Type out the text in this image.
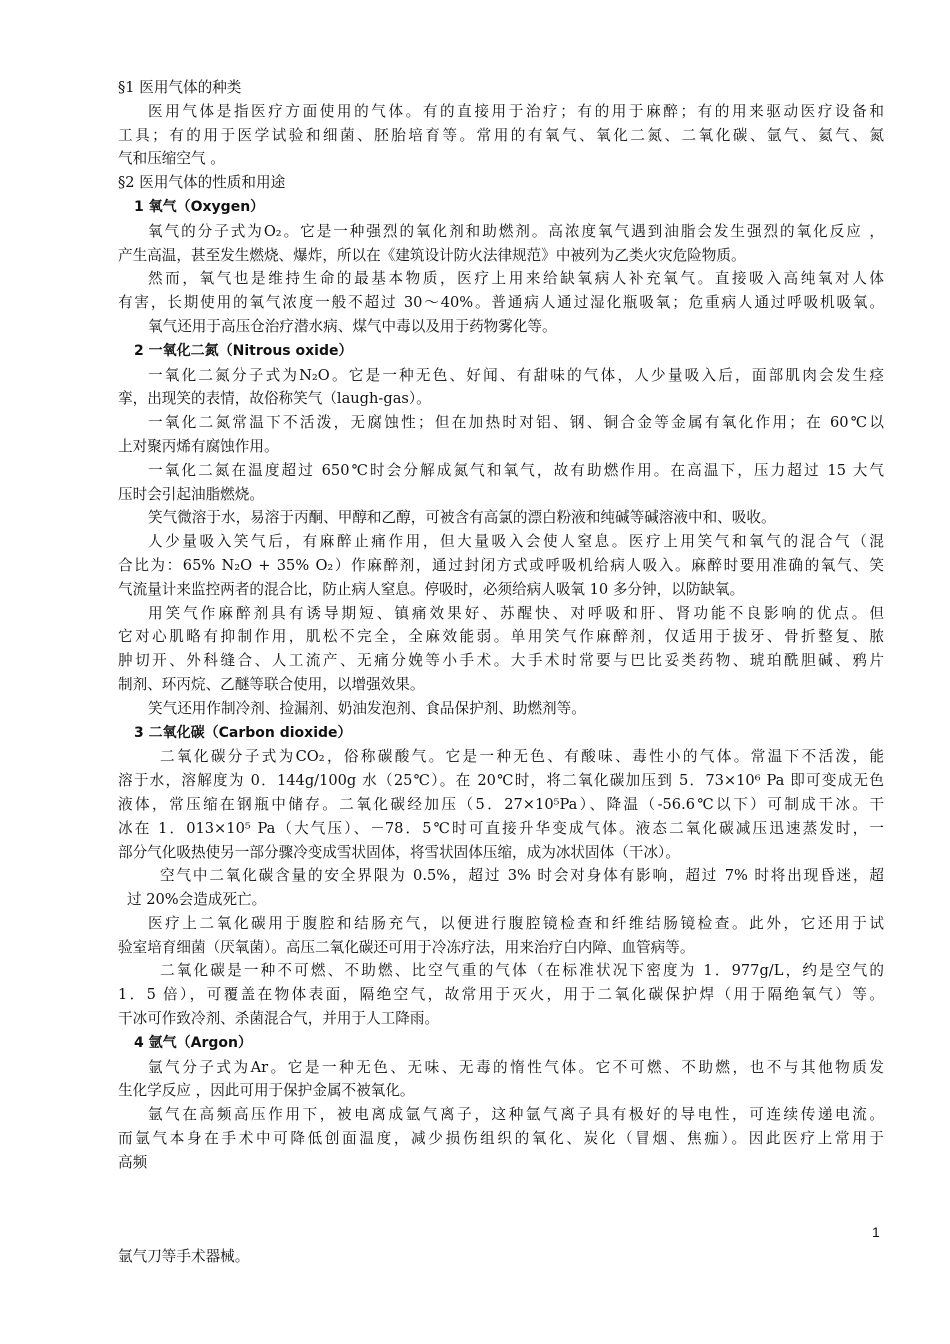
§1 医用气体的种类
医用气体是指医疗方面使用的气体。有的直接用于治疗；有的用于麻醉；有的用来驱动医疗设备和
工具；有的用于医学试验和细菌、胚胎培育等。常用的有氧气、氧化二氮、二氧化碳、氩气、氦气、氮
气和压缩空气 。
§2 医用气体的性质和用途
1 氧气（Oxygen）
氧气的分子式为O₂。它是一种强烈的氧化剂和助燃剂。高浓度氧气遇到油脂会发生强烈的氧化反应 ，
产生高温，甚至发生燃烧、爆炸，所以在《建筑设计防火法律规范》中被列为乙类火灾危险物质。
然而，氧气也是维持生命的最基本物质，医疗上用来给缺氧病人补充氧气。直接吸入高纯氧对人体
有害，长期使用的氧气浓度一般不超过 30～40%。普通病人通过湿化瓶吸氧；危重病人通过呼吸机吸氧。
氧气还用于高压仓治疗潜水病、煤气中毒以及用于药物雾化等。
2 一氧化二氮（Nitrous oxide）
一氧化二氮分子式为N₂O。它是一种无色、好闻、有甜味的气体，人少量吸入后，面部肌肉会发生痉
挛，出现笑的表情，故俗称笑气（laugh-gas）。
一氧化二氮常温下不活泼，无腐蚀性；但在加热时对铝、钢、铜合金等金属有氧化作用；在 60℃以
上对聚丙烯有腐蚀作用。
一氧化二氮在温度超过 650℃时会分解成氮气和氧气，故有助燃作用。在高温下，压力超过 15 大气
压时会引起油脂燃烧。
笑气微溶于水，易溶于丙酮、甲醇和乙醇，可被含有高氯的漂白粉液和纯碱等碱溶液中和、吸收。
人少量吸入笑气后，有麻醉止痛作用，但大量吸入会使人窒息。医疗上用笑气和氧气的混合气（混
合比为：65% N₂O + 35% O₂）作麻醉剂，通过封闭方式或呼吸机给病人吸入。麻醉时要用准确的氧气、笑
气流量计来监控两者的混合比，防止病人窒息。停吸时，必须给病人吸氧 10 多分钟，以防缺氧。
用笑气作麻醉剂具有诱导期短、镇痛效果好、苏醒快、对呼吸和肝、肾功能不良影响的优点。但
它对心肌略有抑制作用，肌松不完全，全麻效能弱。单用笑气作麻醉剂，仅适用于拔牙、骨折整复、脓
肿切开、外科缝合、人工流产、无痛分娩等小手术。大手术时常要与巴比妥类药物、琥珀酰胆碱、鸦片
制剂、环丙烷、乙醚等联合使用，以增强效果。
笑气还用作制冷剂、捡漏剂、奶油发泡剂、食品保护剂、助燃剂等。
3 二氧化碳（Carbon dioxide）
二氧化碳分子式为CO₂，俗称碳酸气。它是一种无色、有酸味、毒性小的气体。常温下不活泼，能
溶于水，溶解度为 0．144g/100g 水（25℃）。在 20℃时，将二氧化碳加压到 5．73×10⁶ Pa 即可变成无色
液体，常压缩在钢瓶中储存。二氧化碳经加压（5．27×10⁵Pa）、降温（-56.6℃以下）可制成干冰。干
冰在 1．013×10⁵ Pa（大气压）、－78．5℃时可直接升华变成气体。液态二氧化碳减压迅速蒸发时，一
部分气化吸热使另一部分骤冷变成雪状固体，将雪状固体压缩，成为冰状固体（干冰）。
空气中二氧化碳含量的安全界限为 0.5%，超过 3% 时会对身体有影响，超过 7% 时将出现昏迷，超
过 20%会造成死亡。
医疗上二氧化碳用于腹腔和结肠充气，以便进行腹腔镜检查和纤维结肠镜检查。此外，它还用于试
验室培育细菌（厌氧菌）。高压二氧化碳还可用于冷冻疗法，用来治疗白内障、血管病等。
二氧化碳是一种不可燃、不助燃、比空气重的气体（在标准状况下密度为 1．977g/L，约是空气的
1．5 倍），可覆盖在物体表面，隔绝空气，故常用于灭火，用于二氧化碳保护焊（用于隔绝氧气）等。
干冰可作致冷剂、杀菌混合气，并用于人工降雨。
4 氩气（Argon）
氩气分子式为Ar。它是一种无色、无味、无毒的惰性气体。它不可燃、不助燃，也不与其他物质发
生化学反应 ，因此可用于保护金属不被氧化。
氩气在高频高压作用下，被电离成氩气离子，这种氩气离子具有极好的导电性，可连续传递电流。
而氩气本身在手术中可降低创面温度，减少损伤组织的氧化、炭化（冒烟、焦痂）。因此医疗上常用于
高频
1
氩气刀等手术器械。
